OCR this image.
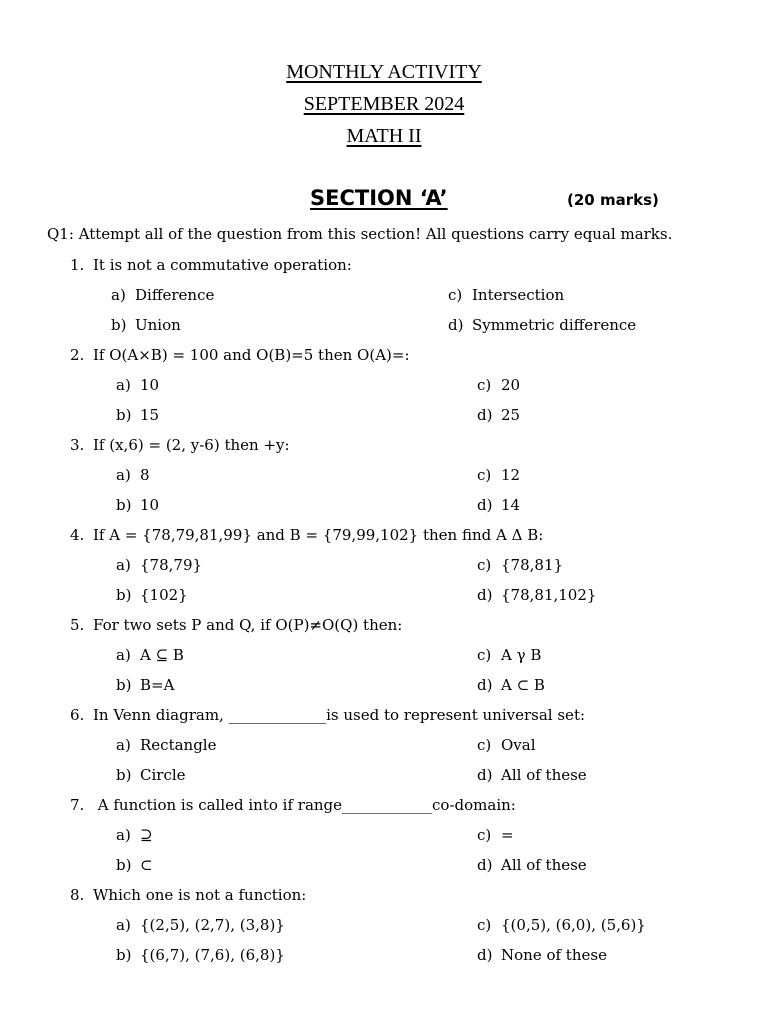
MONTHLY ACTIVITY
SEPTEMBER 2024
MATH II
SECTION ‘A’	(20 marks)
Q1: Attempt all of the question from this section! All questions carry equal marks.
1. It is not a commutative operation:
a) Difference
b) Union
c) Intersection
d) Symmetric difference
2. If O(A×B) = 100 and O(B)=5 then O(A)=:
a) 10
b) 15
c) 20
d) 25
3. If (x,6) = (2, y-6) then +y:
a) 8
b) 10
c) 12
d) 14
4. If A = {78,79,81,99} and B = {79,99,102} then find A Δ B:
a) {78,79}
b) {102}
c) {78,81}
d) {78,81,102}
5. For two sets P and Q, if O(P)≠O(Q) then:
a) A ⊆ B
b) B=A
c) A γ B
d) A ⊂ B
6. In Venn diagram, _____________is used to represent universal set:
a) Rectangle
b) Circle
c) Oval
d) All of these
7. A function is called into if range____________co-domain:
a) ⊇
b) ⊂
c) =
d) All of these
8. Which one is not a function:
a) {(2,5), (2,7), (3,8)}
b) {(6,7), (7,6), (6,8)}
c) {(0,5), (6,0), (5,6)}
d) None of these
